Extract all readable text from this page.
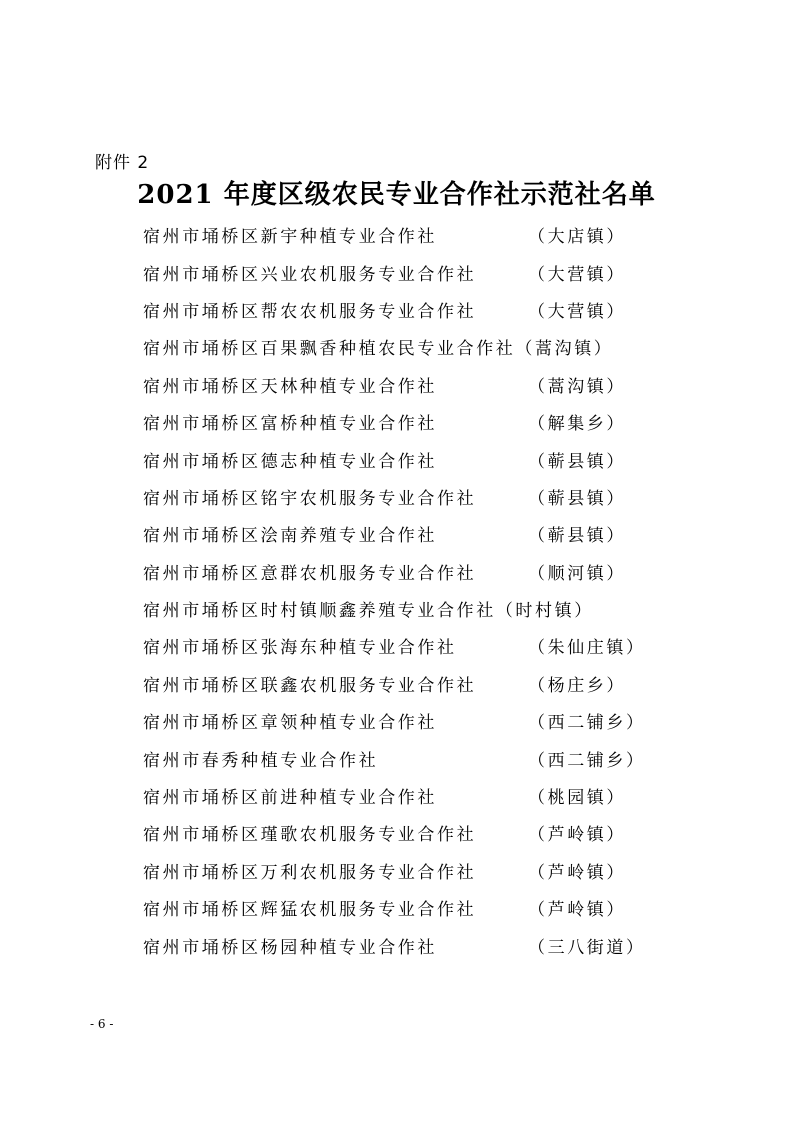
附件 2
2021 年度区级农民专业合作社示范社名单
宿州市埇桥区新宇种植专业合作社	（大店镇）
宿州市埇桥区兴业农机服务专业合作社	（大营镇）
宿州市埇桥区帮农农机服务专业合作社	（大营镇）
宿州市埇桥区百果飘香种植农民专业合作社 （蒿沟镇）
宿州市埇桥区天林种植专业合作社	（蒿沟镇）
宿州市埇桥区富桥种植专业合作社	（解集乡）
宿州市埇桥区德志种植专业合作社	（蕲县镇）
宿州市埇桥区铭宇农机服务专业合作社	（蕲县镇）
宿州市埇桥区浍南养殖专业合作社	（蕲县镇）
宿州市埇桥区意群农机服务专业合作社	（顺河镇）
宿州市埇桥区时村镇顺鑫养殖专业合作社 （时村镇）
宿州市埇桥区张海东种植专业合作社	（朱仙庄镇）
宿州市埇桥区联鑫农机服务专业合作社	（杨庄乡）
宿州市埇桥区章领种植专业合作社	（西二铺乡）
宿州市春秀种植专业合作社	（西二铺乡）
宿州市埇桥区前进种植专业合作社	（桃园镇）
宿州市埇桥区瑾歌农机服务专业合作社	（芦岭镇）
宿州市埇桥区万利农机服务专业合作社	（芦岭镇）
宿州市埇桥区辉猛农机服务专业合作社	（芦岭镇）
宿州市埇桥区杨园种植专业合作社	（三八街道）
- 6 -
